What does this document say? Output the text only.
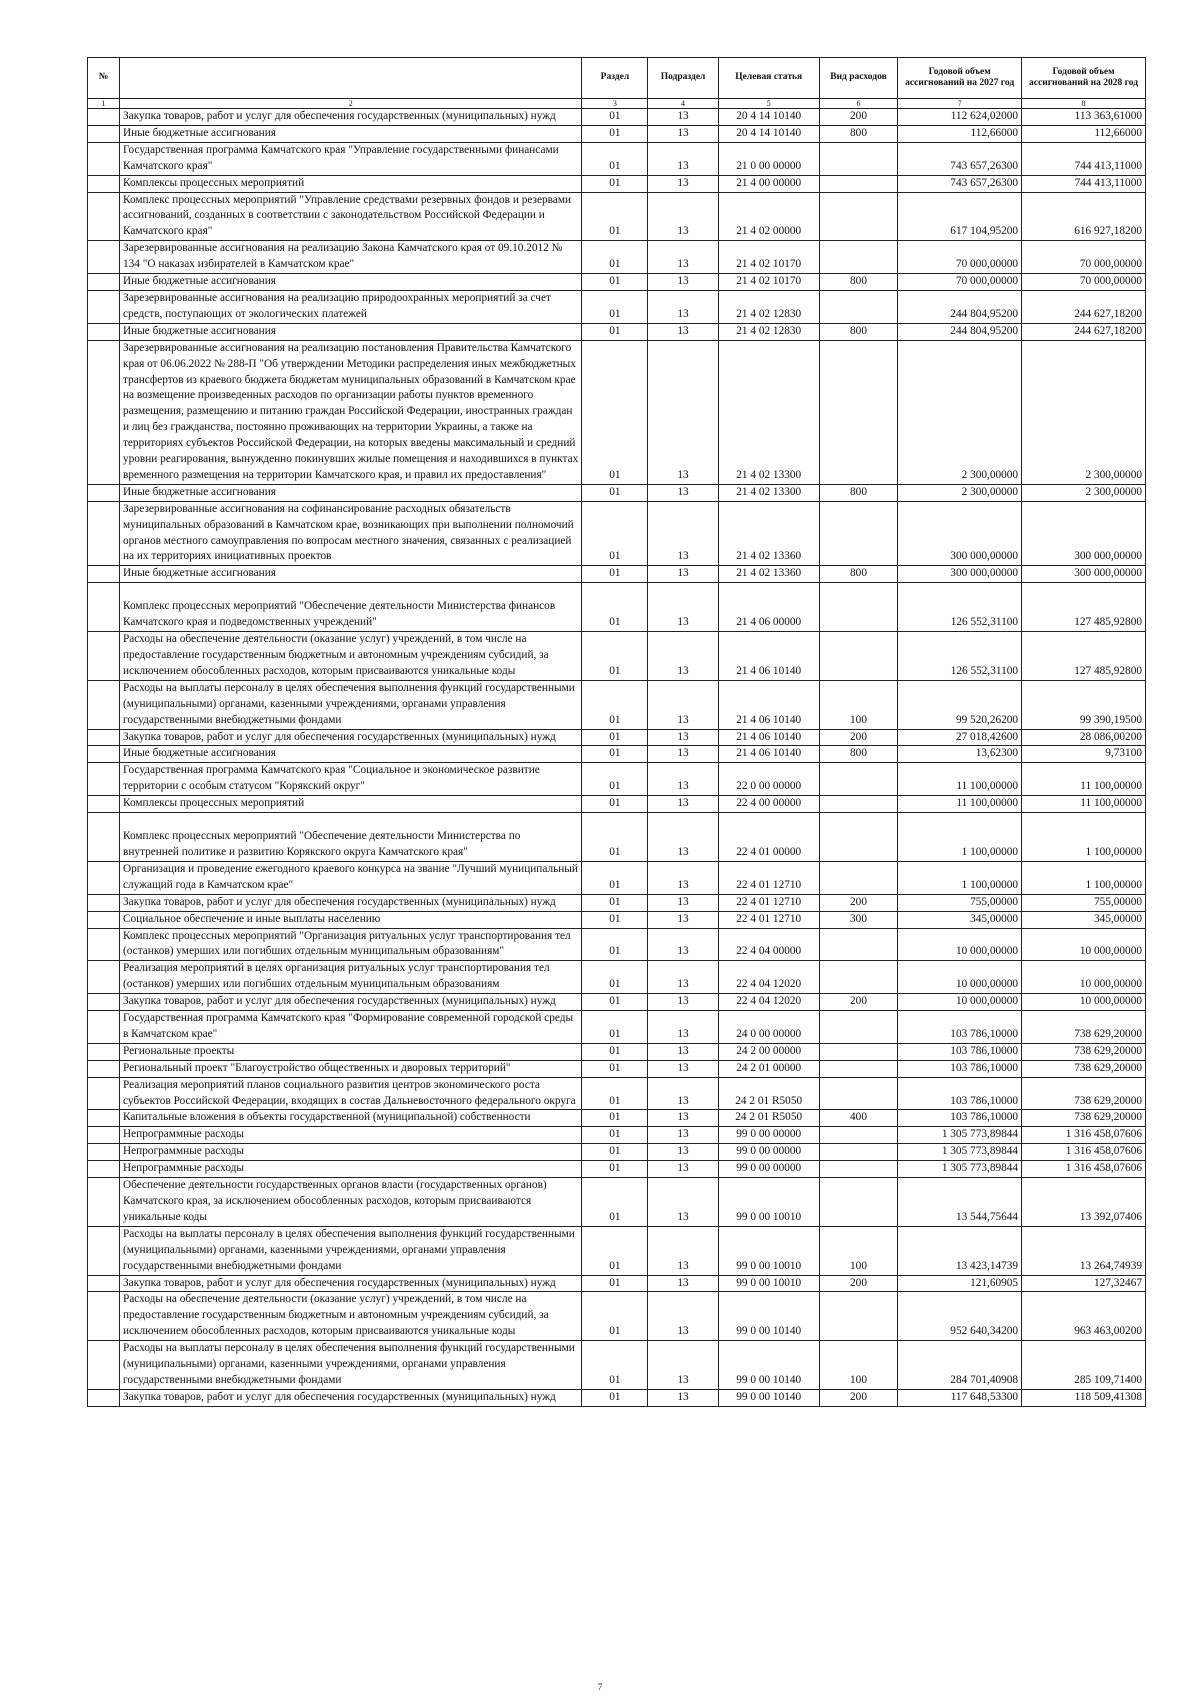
№		Раздел	Подраздел	Целевая статья	Вид расходов	Годовой объем ассигнований на 2027 год	Годовой объем ассигнований на 2028 год
1	2	3	4	5	6	7	8
	Закупка товаров, работ и услуг для обеспечения государственных (муниципальных) нужд	01	13	20 4 14 10140	200	112 624,02000	113 363,61000
	Иные бюджетные ассигнования	01	13	20 4 14 10140	800	112,66000	112,66000
	Государственная программа Камчатского края "Управление государственными финансами Камчатского края"	01	13	21 0 00 00000		743 657,26300	744 413,11000
	Комплексы процессных мероприятий	01	13	21 4 00 00000		743 657,26300	744 413,11000
	Комплекс процессных мероприятий "Управление средствами резервных фондов и резервами ассигнований, созданных в соответствии с законодательством Российской Федерации и Камчатского края"	01	13	21 4 02 00000		617 104,95200	616 927,18200
	Зарезервированные ассигнования на реализацию Закона Камчатского края от 09.10.2012 № 134 "О наказах избирателей в Камчатском крае"	01	13	21 4 02 10170		70 000,00000	70 000,00000
	Иные бюджетные ассигнования	01	13	21 4 02 10170	800	70 000,00000	70 000,00000
	Зарезервированные ассигнования на реализацию природоохранных мероприятий за счет средств, поступающих от экологических платежей	01	13	21 4 02 12830		244 804,95200	244 627,18200
	Иные бюджетные ассигнования	01	13	21 4 02 12830	800	244 804,95200	244 627,18200
	Зарезервированные ассигнования на реализацию постановления Правительства Камчатского края от 06.06.2022 № 288-П "Об утверждении Методики распределения иных межбюджетных трансфертов из краевого бюджета бюджетам муниципальных образований в Камчатском крае на возмещение произведенных расходов по организации работы пунктов временного размещения, размещению и питанию граждан Российской Федерации, иностранных граждан и лиц без гражданства, постоянно проживающих на территории Украины, а также на территориях субъектов Российской Федерации, на которых введены максимальный и средний уровни реагирования, вынужденно покинувших жилые помещения и находившихся в пунктах временного размещения на территории Камчатского края, и правил их предоставления"	01	13	21 4 02 13300		2 300,00000	2 300,00000
	Иные бюджетные ассигнования	01	13	21 4 02 13300	800	2 300,00000	2 300,00000
	Зарезервированные ассигнования на софинансирование расходных обязательств муниципальных образований в Камчатском крае, возникающих при выполнении полномочий органов местного самоуправления по вопросам местного значения, связанных с реализацией на их территориях инициативных проектов	01	13	21 4 02 13360		300 000,00000	300 000,00000
	Иные бюджетные ассигнования	01	13	21 4 02 13360	800	300 000,00000	300 000,00000
	Комплекс процессных мероприятий "Обеспечение деятельности Министерства финансов Камчатского края и подведомственных учреждений"	01	13	21 4 06 00000		126 552,31100	127 485,92800
	Расходы на обеспечение деятельности (оказание услуг) учреждений, в том числе на предоставление государственным бюджетным и автономным учреждениям субсидий, за исключением обособленных расходов, которым присваиваются уникальные коды	01	13	21 4 06 10140		126 552,31100	127 485,92800
	Расходы на выплаты персоналу в целях обеспечения выполнения функций государственными (муниципальными) органами, казенными учреждениями, органами управления государственными внебюджетными фондами	01	13	21 4 06 10140	100	99 520,26200	99 390,19500
	Закупка товаров, работ и услуг для обеспечения государственных (муниципальных) нужд	01	13	21 4 06 10140	200	27 018,42600	28 086,00200
	Иные бюджетные ассигнования	01	13	21 4 06 10140	800	13,62300	9,73100
	Государственная программа Камчатского края "Социальное и экономическое развитие территории с особым статусом "Корякский округ"	01	13	22 0 00 00000		11 100,00000	11 100,00000
	Комплексы процессных мероприятий	01	13	22 4 00 00000		11 100,00000	11 100,00000
	Комплекс процессных мероприятий "Обеспечение деятельности Министерства по внутренней политике и развитию Корякского округа Камчатского края"	01	13	22 4 01 00000		1 100,00000	1 100,00000
	Организация и проведение ежегодного краевого конкурса на звание "Лучший муниципальный служащий года в Камчатском крае"	01	13	22 4 01 12710		1 100,00000	1 100,00000
	Закупка товаров, работ и услуг для обеспечения государственных (муниципальных) нужд	01	13	22 4 01 12710	200	755,00000	755,00000
	Социальное обеспечение и иные выплаты населению	01	13	22 4 01 12710	300	345,00000	345,00000
	Комплекс процессных мероприятий "Организация ритуальных услуг транспортирования тел (останков) умерших или погибших отдельным муниципальным образованиям"	01	13	22 4 04 00000		10 000,00000	10 000,00000
	Реализация мероприятий в целях организация ритуальных услуг транспортирования тел (останков) умерших или погибших отдельным муниципальным образованиям	01	13	22 4 04 12020		10 000,00000	10 000,00000
	Закупка товаров, работ и услуг для обеспечения государственных (муниципальных) нужд	01	13	22 4 04 12020	200	10 000,00000	10 000,00000
	Государственная программа Камчатского края "Формирование современной городской среды в Камчатском крае"	01	13	24 0 00 00000		103 786,10000	738 629,20000
	Региональные проекты	01	13	24 2 00 00000		103 786,10000	738 629,20000
	Региональный проект "Благоустройство общественных и дворовых территорий"	01	13	24 2 01 00000		103 786,10000	738 629,20000
	Реализация мероприятий планов социального развития центров экономического роста субъектов Российской Федерации, входящих в состав Дальневосточного федерального округа	01	13	24 2 01 R5050		103 786,10000	738 629,20000
	Капитальные вложения в объекты государственной (муниципальной) собственности	01	13	24 2 01 R5050	400	103 786,10000	738 629,20000
	Непрограммные расходы	01	13	99 0 00 00000		1 305 773,89844	1 316 458,07606
	Непрограммные расходы	01	13	99 0 00 00000		1 305 773,89844	1 316 458,07606
	Непрограммные расходы	01	13	99 0 00 00000		1 305 773,89844	1 316 458,07606
	Обеспечение деятельности государственных органов власти (государственных органов) Камчатского края, за исключением обособленных расходов, которым присваиваются уникальные коды	01	13	99 0 00 10010		13 544,75644	13 392,07406
	Расходы на выплаты персоналу в целях обеспечения выполнения функций государственными (муниципальными) органами, казенными учреждениями, органами управления государственными внебюджетными фондами	01	13	99 0 00 10010	100	13 423,14739	13 264,74939
	Закупка товаров, работ и услуг для обеспечения государственных (муниципальных) нужд	01	13	99 0 00 10010	200	121,60905	127,32467
	Расходы на обеспечение деятельности (оказание услуг) учреждений, в том числе на предоставление государственным бюджетным и автономным учреждениям субсидий, за исключением обособленных расходов, которым присваиваются уникальные коды	01	13	99 0 00 10140		952 640,34200	963 463,00200
	Расходы на выплаты персоналу в целях обеспечения выполнения функций государственными (муниципальными) органами, казенными учреждениями, органами управления государственными внебюджетными фондами	01	13	99 0 00 10140	100	284 701,40908	285 109,71400
	Закупка товаров, работ и услуг для обеспечения государственных (муниципальных) нужд	01	13	99 0 00 10140	200	117 648,53300	118 509,41308
7
